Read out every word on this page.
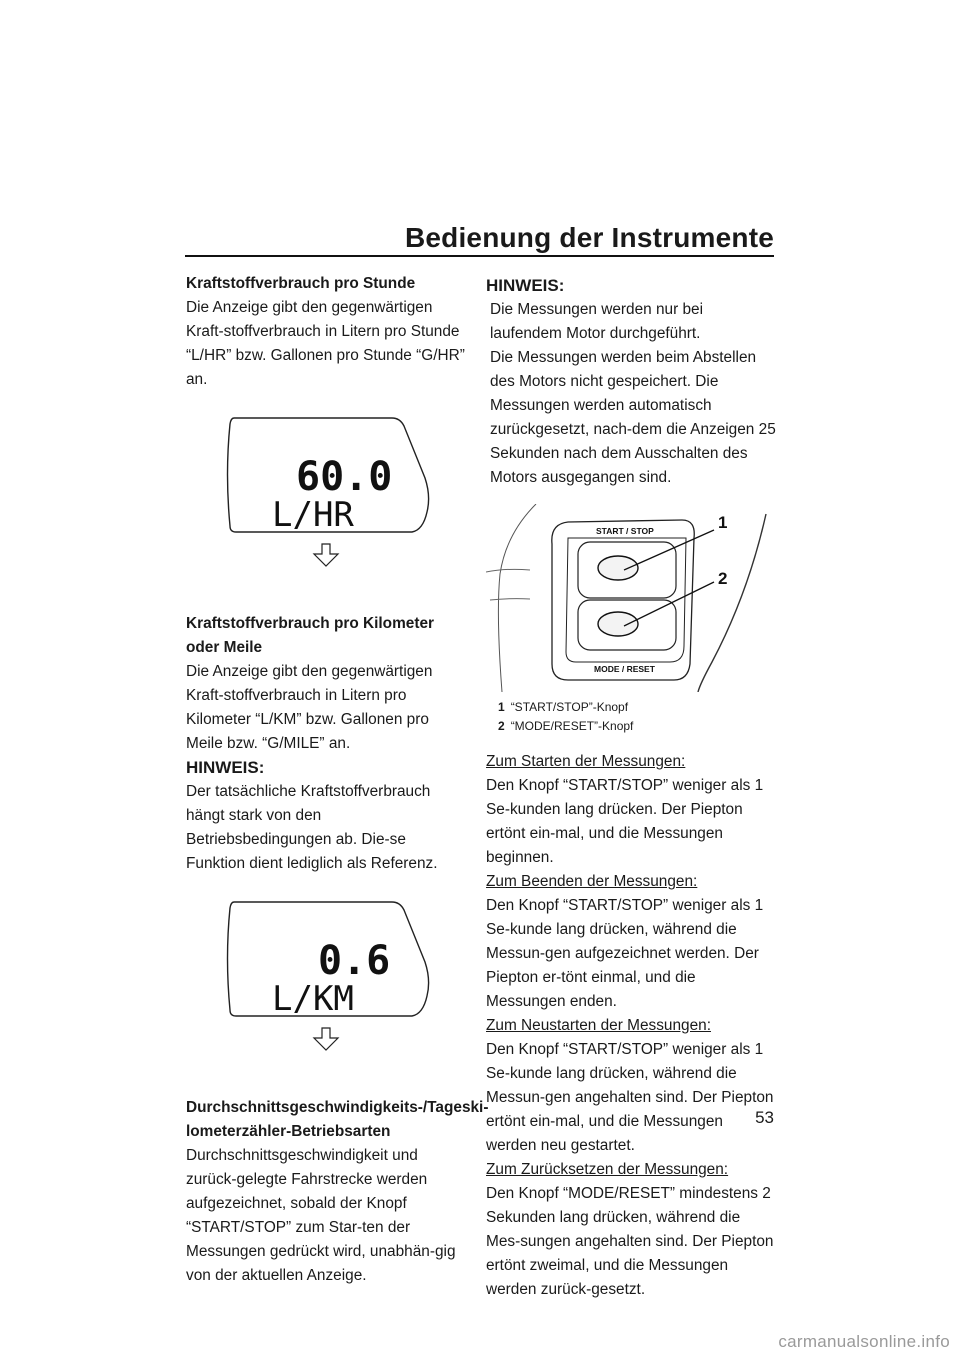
Bedienung der Instrumente

Kraftstoffverbrauch pro Stunde

Die Anzeige gibt den gegenwärtigen Kraft-stoffverbrauch in Litern pro Stunde “L/HR” bzw. Gallonen pro Stunde “G/HR” an.

60.0
L/HR

Kraftstoffverbrauch pro Kilometer oder Meile

Die Anzeige gibt den gegenwärtigen Kraft-stoffverbrauch in Litern pro Kilometer “L/KM” bzw. Gallonen pro Meile bzw. “G/MILE” an.

HINWEIS:

Der tatsächliche Kraftstoffverbrauch hängt stark von den Betriebsbedingungen ab. Die-se Funktion dient lediglich als Referenz.

0.6
L/KM

Durchschnittsgeschwindigkeits-/Tageski-lometerzähler-Betriebsarten

Durchschnittsgeschwindigkeit und zurück-gelegte Fahrstrecke werden aufgezeichnet, sobald der Knopf “START/STOP” zum Star-ten der Messungen gedrückt wird, unabhän-gig von der aktuellen Anzeige.

HINWEIS:

Die Messungen werden nur bei laufendem Motor durchgeführt.

Die Messungen werden beim Abstellen des Motors nicht gespeichert. Die Messungen werden automatisch zurückgesetzt, nach-dem die Anzeigen 25 Sekunden nach dem Ausschalten des Motors ausgegangen sind.

START / STOP
MODE / RESET
1
2
1 “START/STOP”-Knopf
2 “MODE/RESET”-Knopf

Zum Starten der Messungen:

Den Knopf “START/STOP” weniger als 1 Se-kunden lang drücken. Der Piepton ertönt ein-mal, und die Messungen beginnen.

Zum Beenden der Messungen:

Den Knopf “START/STOP” weniger als 1 Se-kunde lang drücken, während die Messun-gen aufgezeichnet werden. Der Piepton er-tönt einmal, und die Messungen enden.

Zum Neustarten der Messungen:

Den Knopf “START/STOP” weniger als 1 Se-kunde lang drücken, während die Messun-gen angehalten sind. Der Piepton ertönt ein-mal, und die Messungen werden neu gestartet.

Zum Zurücksetzen der Messungen:

Den Knopf “MODE/RESET” mindestens 2 Sekunden lang drücken, während die Mes-sungen angehalten sind. Der Piepton ertönt zweimal, und die Messungen werden zurück-gesetzt.

53
carmanualsonline.info
